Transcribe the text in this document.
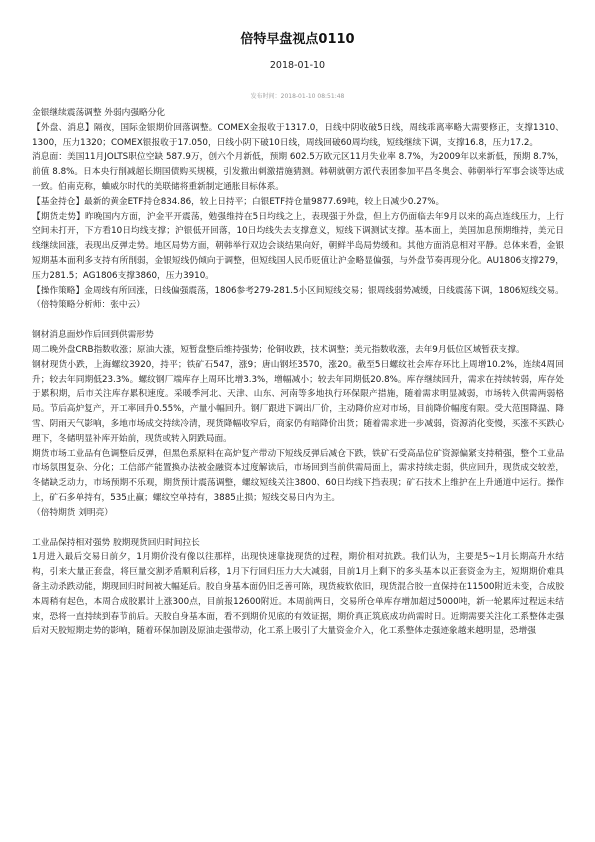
倍特早盘视点0110
2018-01-10
发布时间：2018-01-10 08:51:48

金银继续震荡调整 外弱内强略分化

【外盘、消息】隔夜，国际金银期价回落调整。COMEX金报收于1317.0，日线中阴收破5日线，周线乖离率略大需要修正，支撑1310、1300，压力1320；COMEX银报收于17.050，日线小阴下破10日线，周线回破60周均线，短线继续下调，支撑16.8，压力17.2。

消息面：美国11月JOLTS职位空缺 587.9万，创六个月新低，预期 602.5万欧元区11月失业率 8.7%，为2009年以来新低，预期 8.7%，前值 8.8%。日本央行削减超长期国债购买规模，引发撤出刺激措施猜测。韩朝就朝方派代表团参加平昌冬奥会、韩朝举行军事会谈等达成一致。伯南克称，蛐威尔时代的美联储将重新制定通胀目标体系。

【基金持仓】最新的黄金ETF持仓834.86，较上日持平；白银ETF持仓量9877.69吨，较上日减少0.27%。

【期货走势】昨晚国内方面，沪金平开震荡，勉强维持在5日均线之上，表现强于外盘，但上方仍面临去年9月以来的高点连线压力，上行空间未打开，下方看10日均线支撑；沪银低开回落，10日均线失去支撑意义，短线下调测试支撑。基本面上，美国加息预期维持，美元日线继续回涨，表现出反弹走势。地区局势方面，朝韩举行双边会谈结果向好，朝鲜半岛局势缓和。其他方面消息相对平静。总体来看，金银短期基本面利多支持有所削弱，金银短线仍倾向于调整，但短线国人民币贬值让沪金略显偏强，与外盘节奏再现分化。AU1806支撑279，压力281.5；AG1806支撑3860，压力3910。

【操作策略】金周线有所回涨，日线偏强震荡，1806参考279-281.5小区间短线交易；银周线弱势减缓，日线震荡下调，1806短线交易。

（倍特策略分析师：张中云）

钢材消息面炒作后回到供需形势

周二晚外盘CRB指数收涨；原油大涨，短暂盘整后维持强势；伦铜收跌，技术调整；美元指数收涨，去年9月低位区域暂获支撑。

钢材现货小跌，上海螺纹3920，持平；铁矿石547，涨9；唐山钢坯3570，涨20。截至5日螺纹社会库存环比上周增10.2%，连续4周回升；较去年同期低23.3%。螺纹钢厂端库存上周环比增3.3%，增幅减小；较去年同期低20.8%。库存继续回升，需求在持续转弱，库存处于累积期，后市关注库存累积速度。采暖季河北、天津、山东、河南等多地执行环保限产措施，随着需求明显减弱，市场转入供需两弱格局。节后高炉复产，开工率回升0.55%，产量小幅回升。钢厂跟进下调出厂价，主动降价应对市场，目前降价幅度有限。受大范围降温、降雪、阴雨天气影响，多地市场成交持续冷清，现货降幅收窄后，商家仍有暗降价出货；随着需求进一步减弱，资源消化变慢，买涨不买跌心理下，冬储明显补库开始前，现货或转入阴跌局面。

期货市场工业品有色调整后反弹，但黑色系原料在高炉复产带动下短线反弹后减仓下跌，铁矿石受高品位矿资源偏紧支持稍强，整个工业品市场氛围复杂、分化；工信部产能置换办法被金融资本过度解读后，市场回到当前供需局面上，需求持续走弱，供应回升，现货成交较差，冬储缺乏动力，市场预期不乐观，期货预计震荡调整，螺纹短线关注3800、60日均线下挡表现；矿石技术上维护在上升通道中运行。操作上，矿石多单持有，535止赢；螺纹空单持有，3885止损；短线交易日内为主。

（倍特期货 刘明亮）

工业品保持相对强势 胶期现货回归时间拉长

1月进入最后交易日前夕，1月期价没有像以往那样，出现快速靠拢现货的过程，期价相对抗跌。我们认为，主要是5~1月长期高升水结构，引来大量正套盘，将巨量交割矛盾顺利后移，1月下行回归压力大大减弱，目前1月上剩下的多头基本以正套资金为主，短期期价难具备主动杀跌动能，期现回归时间被大幅延后。胶自身基本面仍旧乏善可陈，现货疲软依旧，现货混合胶一直保持在11500附近未变，合成胶本周稍有起色，本周合成胶累计上涨300点，目前报12600附近。本周前两日，交易所仓单库存增加超过5000吨，新一轮累库过程远未结束，恐将一直持续到春节前后。天胶自身基本面，看不到期价见底的有效证据，期价真正筑底成功尚需时日。近期需要关注化工系整体走强后对天胶短期走势的影响，随着环保加剧及原油走强带动，化工系上吸引了大量资金介入，化工系整体走强迹象越来越明显，恐增强
